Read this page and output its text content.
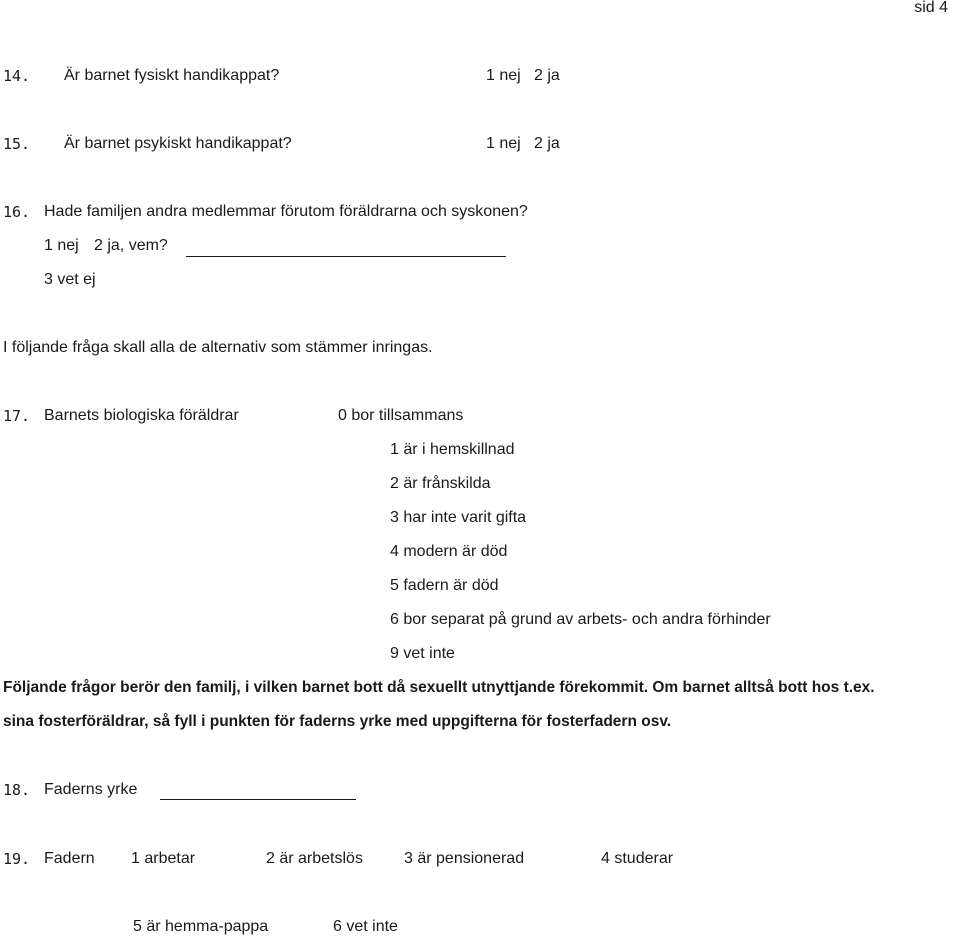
sid 4
14. Är barnet fysiskt handikappat?	1 nej 2 ja
15. Är barnet psykiskt handikappat?	1 nej 2 ja
16. Hade familjen andra medlemmar förutom föräldrarna och syskonen?
1 nej 2 ja, vem?
3 vet ej
I följande fråga skall alla de alternativ som stämmer inringas.
17. Barnets biologiska föräldrar	0 bor tillsammans
1 är i hemskillnad
2 är frånskilda
3 har inte varit gifta
4 modern är död
5 fadern är död
6 bor separat på grund av arbets- och andra förhinder
9 vet inte
Följande frågor berör den familj, i vilken barnet bott då sexuellt utnyttjande förekommit. Om barnet alltså bott hos t.ex.
sina fosterföräldrar, så fyll i punkten för faderns yrke med uppgifterna för fosterfadern osv.
18. Faderns yrke
19. Fadern 1 arbetar	2 är arbetslös	3 är pensionerad	4 studerar
5 är hemma-pappa	6 vet inte
